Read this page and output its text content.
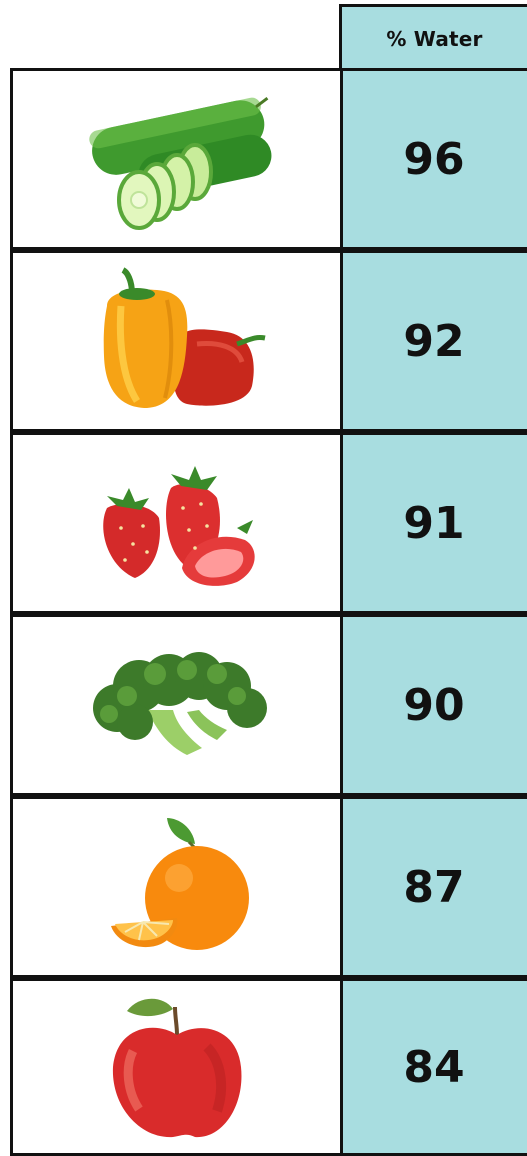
% Water
96
92
91
90
87
84
